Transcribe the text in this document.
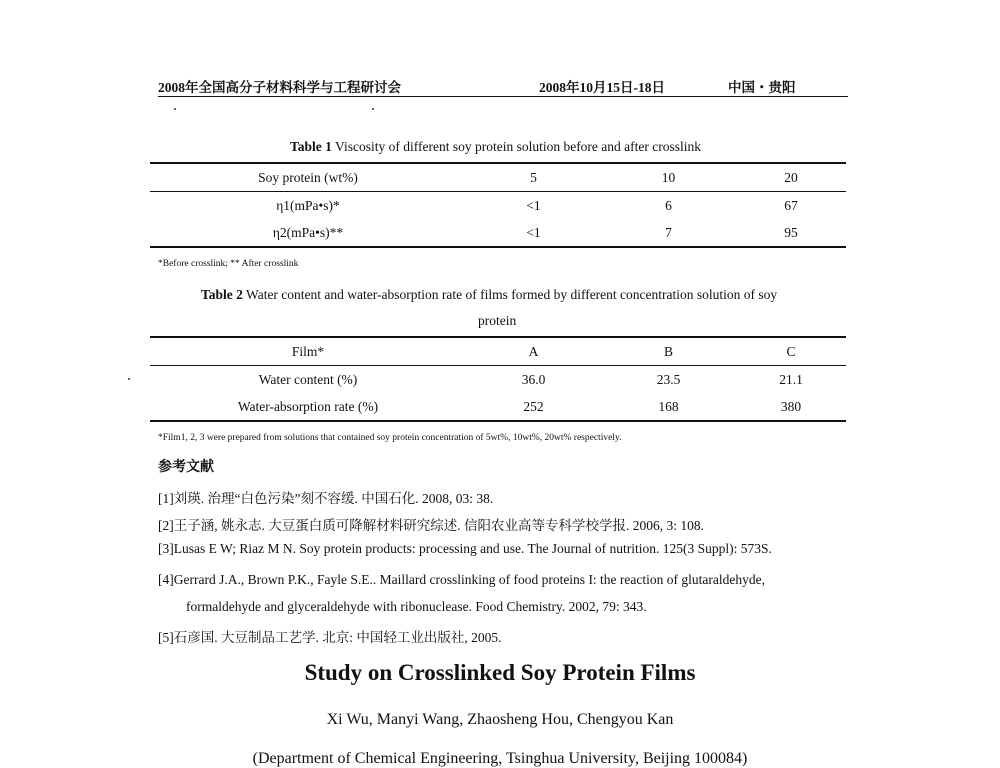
2008年全国高分子材料科学与工程研讨会	2008年10月15日-18日	中国・贵阳
Table 1 Viscosity of different soy protein solution before and after crosslink
Soy protein (wt%)	5	10	20
η1(mPa•s)*	<1	6	67
η2(mPa•s)**	<1	7	95
*Before crosslink; ** After crosslink
Table 2 Water content and water-absorption rate of films formed by different concentration solution of soy
protein
Film*	A	B	C
Water content (%)	36.0	23.5	21.1
Water-absorption rate (%)	252	168	380
*Film1, 2, 3 were prepared from solutions that contained soy protein concentration of 5wt%, 10wt%, 20wt% respectively.
参考文献
[1]刘瑛. 治理“白色污染”刻不容缓. 中国石化. 2008, 03: 38.
[2]王子涵, 姚永志. 大豆蛋白质可降解材料研究综述. 信阳农业高等专科学校学报. 2006, 3: 108.
[3]Lusas E W; Riaz M N. Soy protein products: processing and use. The Journal of nutrition. 125(3 Suppl): 573S.
[4]Gerrard J.A., Brown P.K., Fayle S.E.. Maillard crosslinking of food proteins I: the reaction of glutaraldehyde,
formaldehyde and glyceraldehyde with ribonuclease. Food Chemistry. 2002, 79: 343.
[5]石彦国. 大豆制品工艺学. 北京: 中国轻工业出版社, 2005.
Study on Crosslinked Soy Protein Films
Xi Wu, Manyi Wang, Zhaosheng Hou, Chengyou Kan
(Department of Chemical Engineering, Tsinghua University, Beijing 100084)
